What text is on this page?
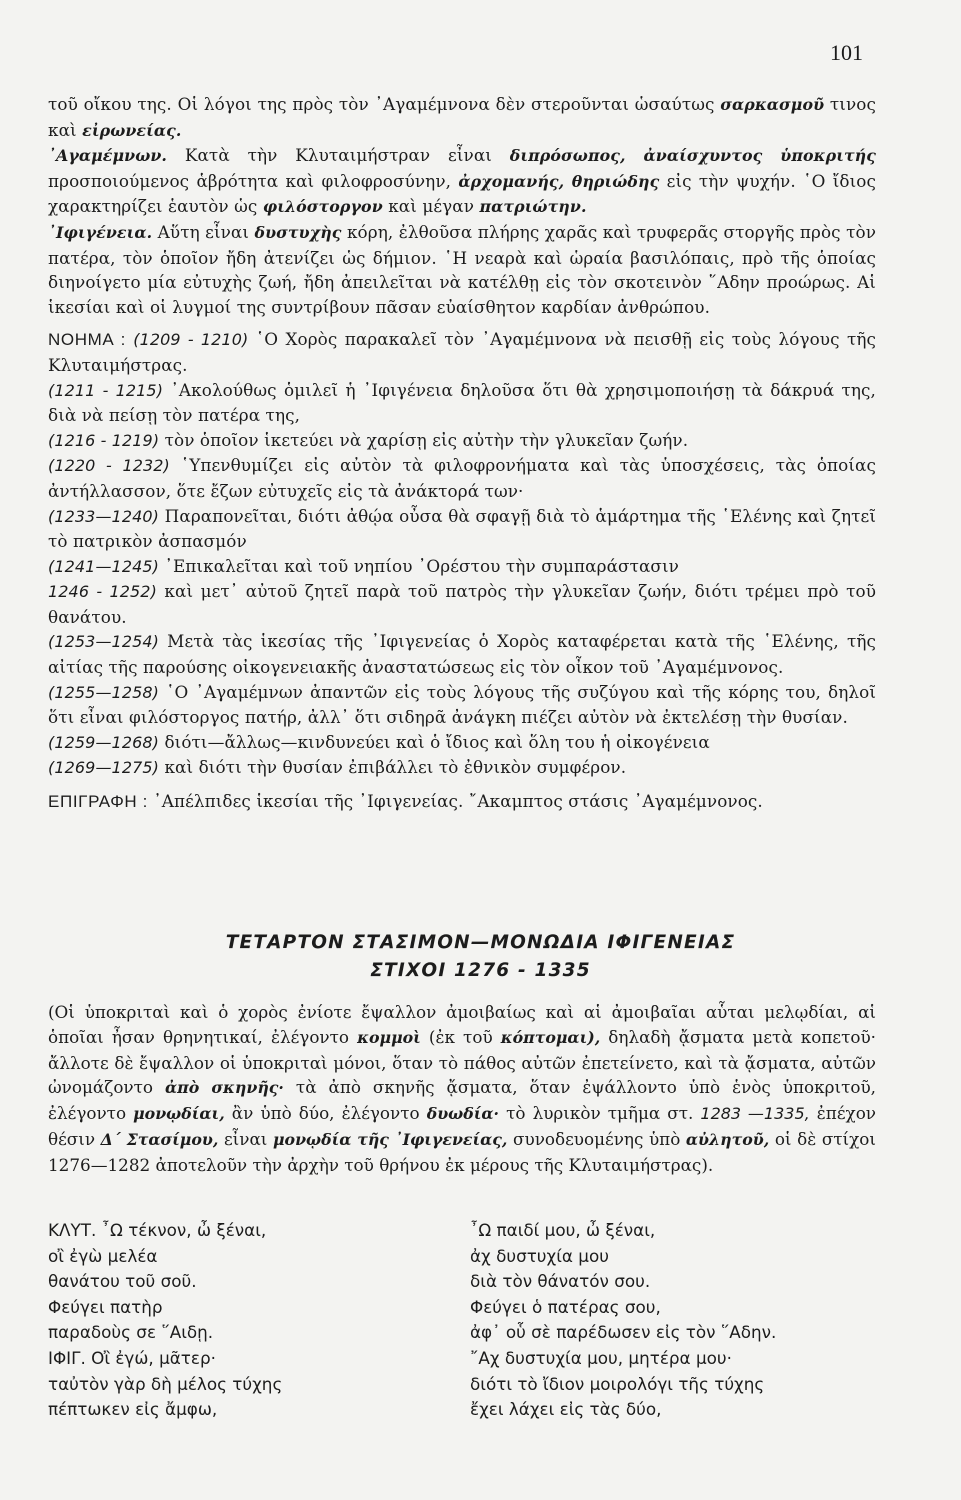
101

τοῦ οἴκου της. Οἱ λόγοι της πρὸς τὸν ᾿Αγαμέμνονα δὲν στεροῦνται ὡσαύτως σαρκασμοῦ τινος καὶ εἰρωνείας.

᾿Αγαμέμνων. Κατὰ τὴν Κλυταιμήστραν εἶναι διπρόσωπος, ἀναίσχυντος ὑποκριτής προσποιούμενος ἁβρότητα καὶ φιλοφροσύνην, ἀρχομανής, θηριώδης εἰς τὴν ψυχήν. ῾Ο ἴδιος χαρακτηρίζει ἑαυτὸν ὡς φιλόστοργον καὶ μέγαν πατριώτην.

᾿Ιφιγένεια. Αὕτη εἶναι δυστυχὴς κόρη, ἐλθοῦσα πλήρης χαρᾶς καὶ τρυφερᾶς στοργῆς πρὸς τὸν πατέρα, τὸν ὁποῖον ἤδη ἀτενίζει ὡς δήμιον. ῾Η νεαρὰ καὶ ὡραία βασιλόπαις, πρὸ τῆς ὁποίας διηνοίγετο μία εὐτυχὴς ζωή, ἤδη ἀπειλεῖται νὰ κατέλθῃ εἰς τὸν σκοτεινὸν ῞Αδην προώρως. Αἱ ἱκεσίαι καὶ οἱ λυγμοί της συντρίβουν πᾶσαν εὐαίσθητον καρδίαν ἀνθρώπου.

ΝΟΗΜΑ : (1209 - 1210) ῾Ο Χορὸς παρακαλεῖ τὸν ᾿Αγαμέμνονα νὰ πεισθῇ εἰς τοὺς λόγους τῆς Κλυταιμήστρας.

(1211 - 1215) ᾿Ακολούθως ὁμιλεῖ ἡ ᾿Ιφιγένεια δηλοῦσα ὅτι θὰ χρησιμοποιήσῃ τὰ δάκρυά της, διὰ νὰ πείσῃ τὸν πατέρα της,

(1216 - 1219) τὸν ὁποῖον ἱκετεύει νὰ χαρίσῃ εἰς αὐτὴν τὴν γλυκεῖαν ζωήν.

(1220 - 1232) ῾Υπενθυμίζει εἰς αὐτὸν τὰ φιλοφρονήματα καὶ τὰς ὑποσχέσεις, τὰς ὁποίας ἀντήλλασσον, ὅτε ἔζων εὐτυχεῖς εἰς τὰ ἀνάκτορά των·

(1233—1240) Παραπονεῖται, διότι ἀθῴα οὖσα θὰ σφαγῇ διὰ τὸ ἁμάρτημα τῆς ῾Ελένης καὶ ζητεῖ τὸ πατρικὸν ἀσπασμόν

(1241—1245) ᾿Επικαλεῖται καὶ τοῦ νηπίου ᾿Ορέστου τὴν συμπαράστασιν

1246 - 1252) καὶ μετ᾿ αὐτοῦ ζητεῖ παρὰ τοῦ πατρὸς τὴν γλυκεῖαν ζωήν, διότι τρέμει πρὸ τοῦ θανάτου.

(1253—1254) Μετὰ τὰς ἱκεσίας τῆς ᾿Ιφιγενείας ὁ Χορὸς καταφέρεται κατὰ τῆς ῾Ελένης, τῆς αἰτίας τῆς παρούσης οἰκογενειακῆς ἀναστατώσεως εἰς τὸν οἶκον τοῦ ᾿Αγαμέμνονος.

(1255—1258) ῾Ο ᾿Αγαμέμνων ἀπαντῶν εἰς τοὺς λόγους τῆς συζύγου καὶ τῆς κόρης του, δηλοῖ ὅτι εἶναι φιλόστοργος πατήρ, ἀλλ᾿ ὅτι σιδηρᾶ ἀνάγκη πιέζει αὐτὸν νὰ ἐκτελέσῃ τὴν θυσίαν.

(1259—1268) διότι—ἄλλως—κινδυνεύει καὶ ὁ ἴδιος καὶ ὅλη του ἡ οἰκογένεια

(1269—1275) καὶ διότι τὴν θυσίαν ἐπιβάλλει τὸ ἐθνικὸν συμφέρον.

ΕΠΙΓΡΑΦΗ : ᾿Απέλπιδες ἱκεσίαι τῆς ᾿Ιφιγενείας. ῎Ακαμπτος στάσις ᾿Αγαμέμνονος.

ΤΕΤΑΡΤΟΝ ΣΤΑΣΙΜΟΝ—ΜΟΝΩΔΙΑ ΙΦΙΓΕΝΕΙΑΣ
ΣΤΙΧΟΙ 1276 - 1335
(Οἱ ὑποκριταὶ καὶ ὁ χορὸς ἐνίοτε ἔψαλλον ἀμοιβαίως καὶ αἱ ἀμοιβαῖαι αὗται μελῳδίαι, αἱ ὁποῖαι ἦσαν θρηνητικαί, ἐλέγοντο κομμοὶ (ἐκ τοῦ κόπτομαι), δηλαδὴ ᾄσματα μετὰ κοπετοῦ· ἄλλοτε δὲ ἔψαλλον οἱ ὑποκριταὶ μόνοι, ὅταν τὸ πάθος αὐτῶν ἐπετείνετο, καὶ τὰ ᾄσματα, αὐτῶν ὠνομάζοντο ἀπὸ σκηνῆς· τὰ ἀπὸ σκηνῆς ᾄσματα, ὅταν ἐψάλλοντο ὑπὸ ἑνὸς ὑποκριτοῦ, ἐλέγοντο μονῳδίαι, ἂν ὑπὸ δύο, ἐλέγοντο δυωδία· τὸ λυρικὸν τμῆμα στ. 1283 —1335, ἐπέχον θέσιν Δ΄ Στασίμου, εἶναι μονῳδία τῆς ᾿Ιφιγενείας, συνοδευομένης ὑπὸ αὐλητοῦ, οἱ δὲ στίχοι 1276—1282 ἀποτελοῦν τὴν ἀρχὴν τοῦ θρήνου ἐκ μέρους τῆς Κλυταιμήστρας).
ΚΛΥΤ. ῏Ω τέκνον, ὦ ξέναι,
οἲ ἐγὼ μελέα
θανάτου τοῦ σοῦ.
Φεύγει πατὴρ
παραδοὺς σε ῞Αιδῃ.
ΙΦΙΓ. Οἲ ἐγώ, μᾶτερ·
ταὐτὸν γὰρ δὴ μέλος τύχης
πέπτωκεν εἰς ἄμφω,
῏Ω παιδί μου, ὦ ξέναι,
ἀχ δυστυχία μου
διὰ τὸν θάνατόν σου.
Φεύγει ὁ πατέρας σου,
ἀφ᾿ οὗ σὲ παρέδωσεν εἰς τὸν ῞Αδην.
῎Αχ δυστυχία μου, μητέρα μου·
διότι τὸ ἴδιον μοιρολόγι τῆς τύχης
ἔχει λάχει εἰς τὰς δύο,
